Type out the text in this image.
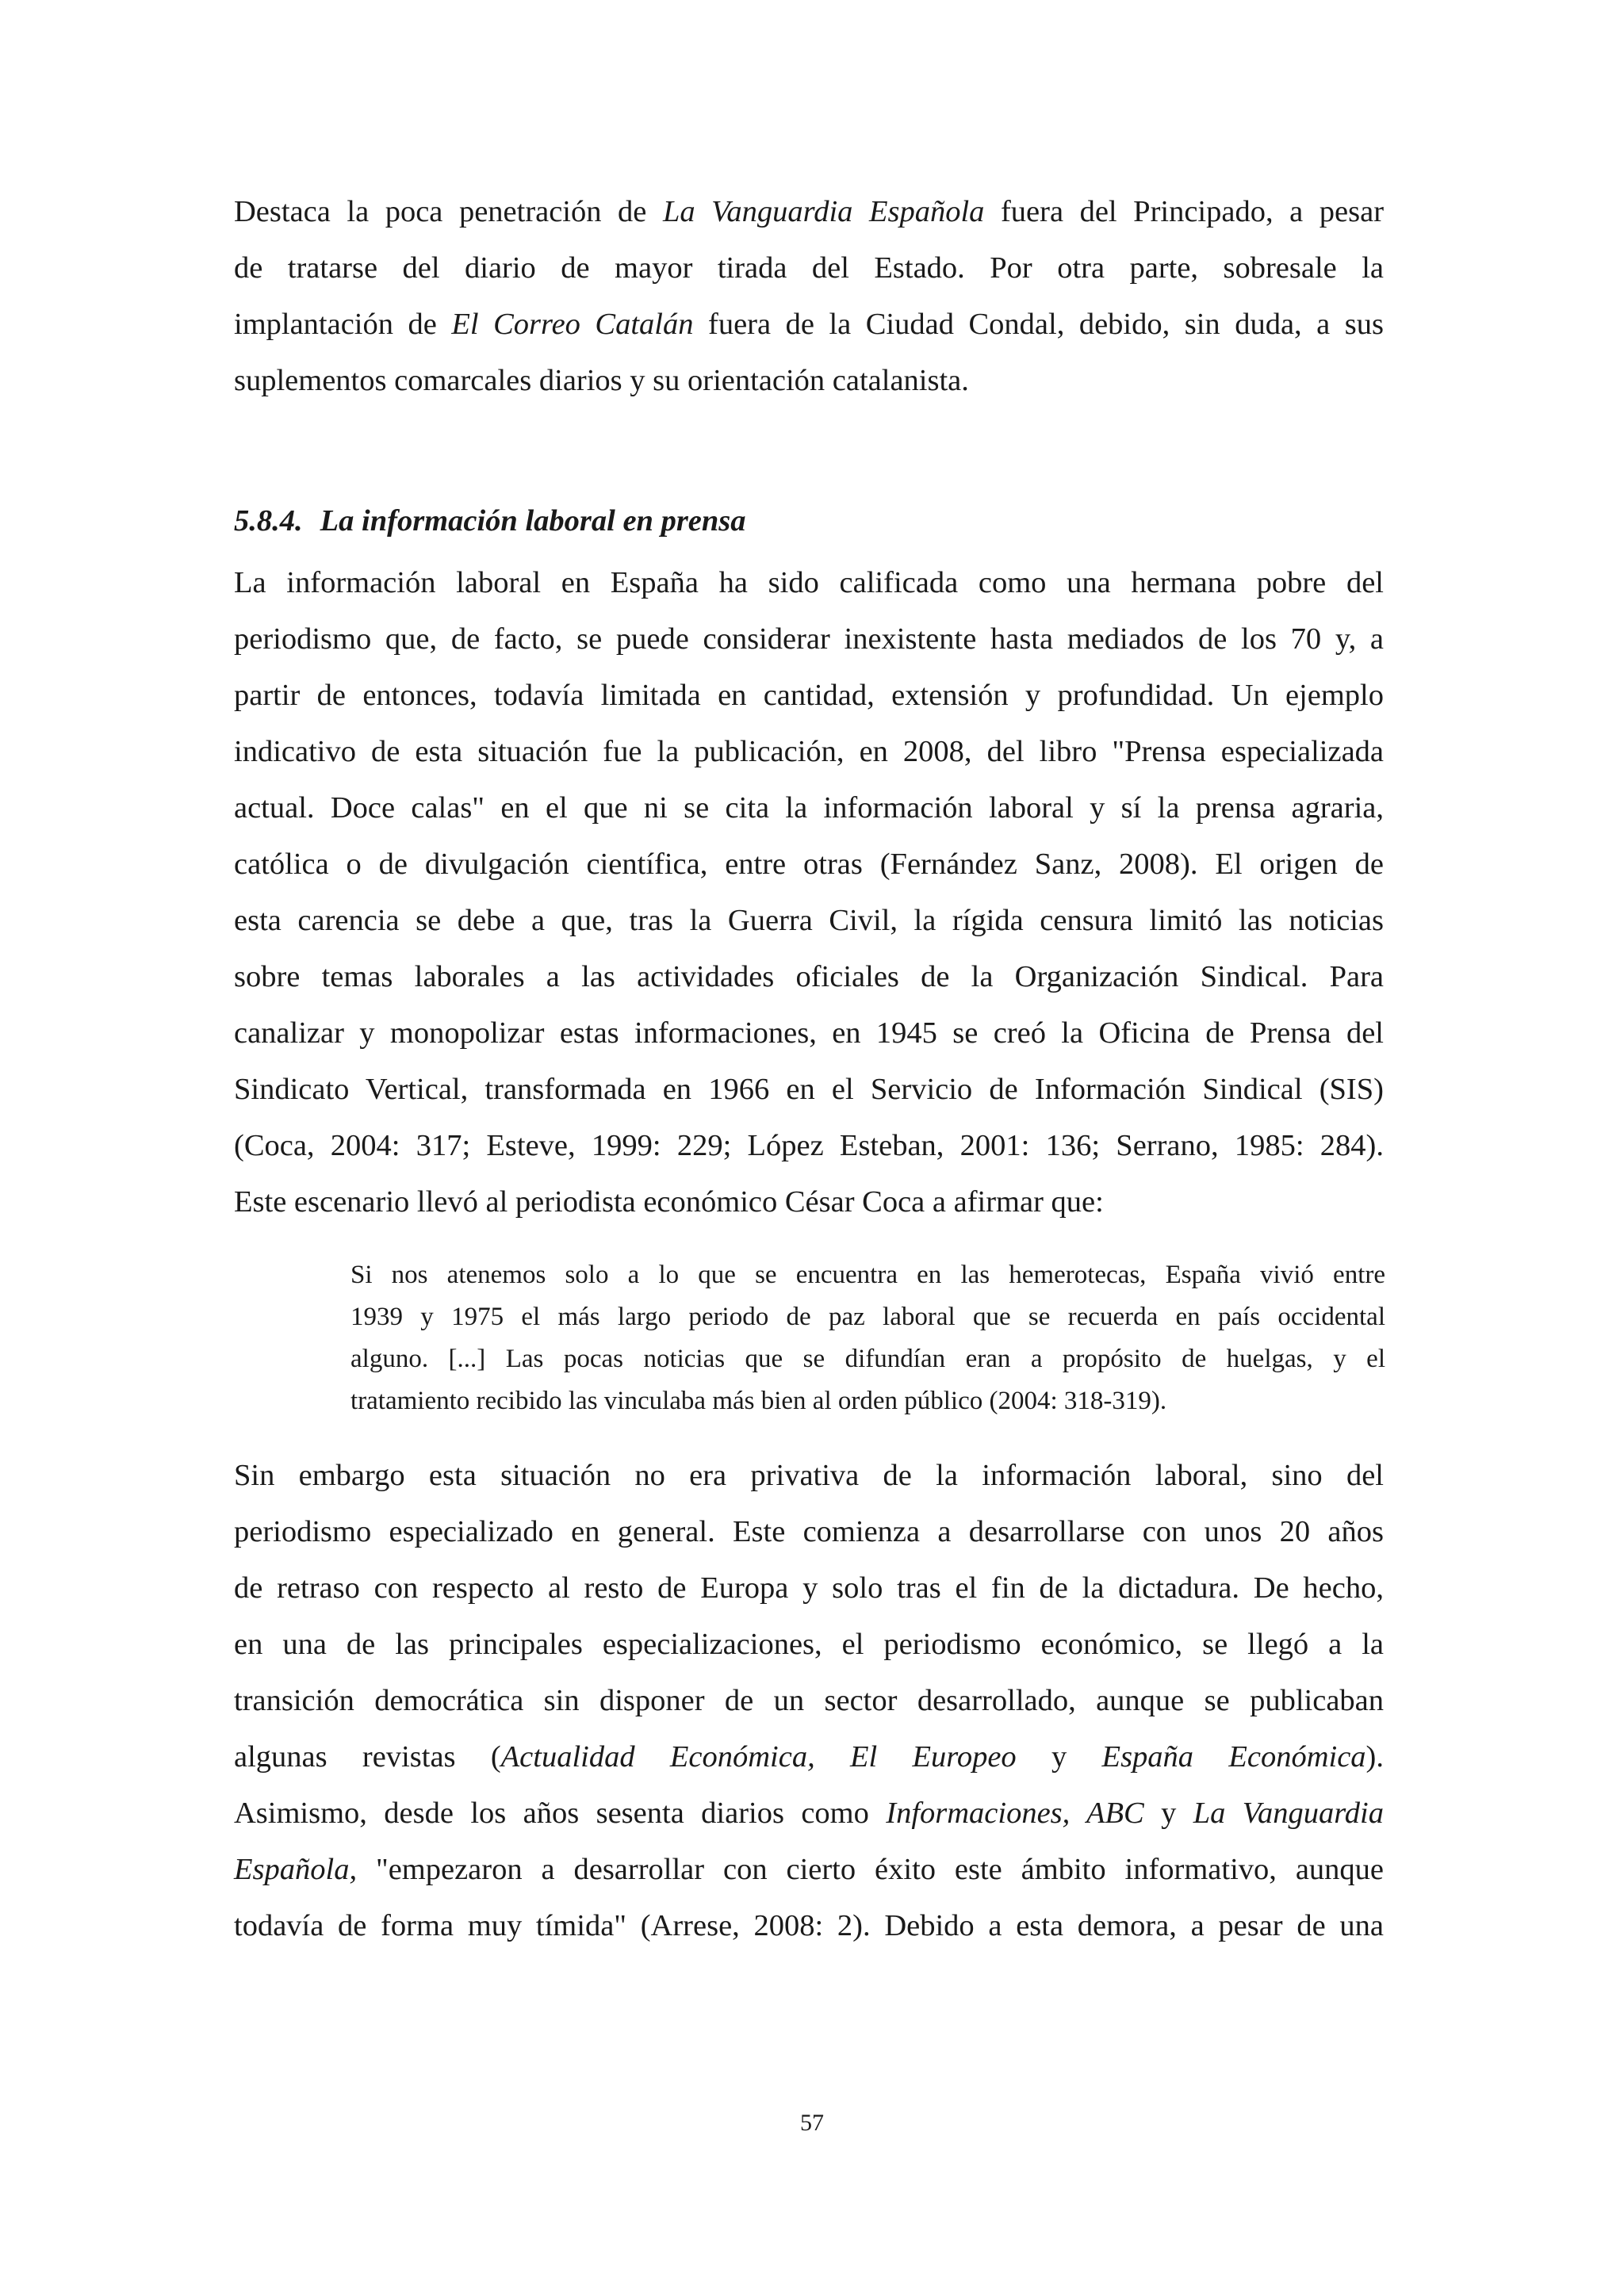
Destaca la poca penetración de La Vanguardia Española fuera del Principado, a pesar
de tratarse del diario de mayor tirada del Estado. Por otra parte, sobresale la
implantación de El Correo Catalán fuera de la Ciudad Condal, debido, sin duda, a sus
suplementos comarcales diarios y su orientación catalanista.
5.8.4. La información laboral en prensa
La información laboral en España ha sido calificada como una hermana pobre del
periodismo que, de facto, se puede considerar inexistente hasta mediados de los 70 y, a
partir de entonces, todavía limitada en cantidad, extensión y profundidad. Un ejemplo
indicativo de esta situación fue la publicación, en 2008, del libro "Prensa especializada
actual. Doce calas" en el que ni se cita la información laboral y sí la prensa agraria,
católica o de divulgación científica, entre otras (Fernández Sanz, 2008). El origen de
esta carencia se debe a que, tras la Guerra Civil, la rígida censura limitó las noticias
sobre temas laborales a las actividades oficiales de la Organización Sindical. Para
canalizar y monopolizar estas informaciones, en 1945 se creó la Oficina de Prensa del
Sindicato Vertical, transformada en 1966 en el Servicio de Información Sindical (SIS)
(Coca, 2004: 317; Esteve, 1999: 229; López Esteban, 2001: 136; Serrano, 1985: 284).
Este escenario llevó al periodista económico César Coca a afirmar que:
Si nos atenemos solo a lo que se encuentra en las hemerotecas, España vivió entre
1939 y 1975 el más largo periodo de paz laboral que se recuerda en país occidental
alguno. [...] Las pocas noticias que se difundían eran a propósito de huelgas, y el
tratamiento recibido las vinculaba más bien al orden público (2004: 318-319).
Sin embargo esta situación no era privativa de la información laboral, sino del
periodismo especializado en general. Este comienza a desarrollarse con unos 20 años
de retraso con respecto al resto de Europa y solo tras el fin de la dictadura. De hecho,
en una de las principales especializaciones, el periodismo económico, se llegó a la
transición democrática sin disponer de un sector desarrollado, aunque se publicaban
algunas revistas (Actualidad Económica, El Europeo y España Económica).
Asimismo, desde los años sesenta diarios como Informaciones, ABC y La Vanguardia
Española, "empezaron a desarrollar con cierto éxito este ámbito informativo, aunque
todavía de forma muy tímida" (Arrese, 2008: 2). Debido a esta demora, a pesar de una
57
